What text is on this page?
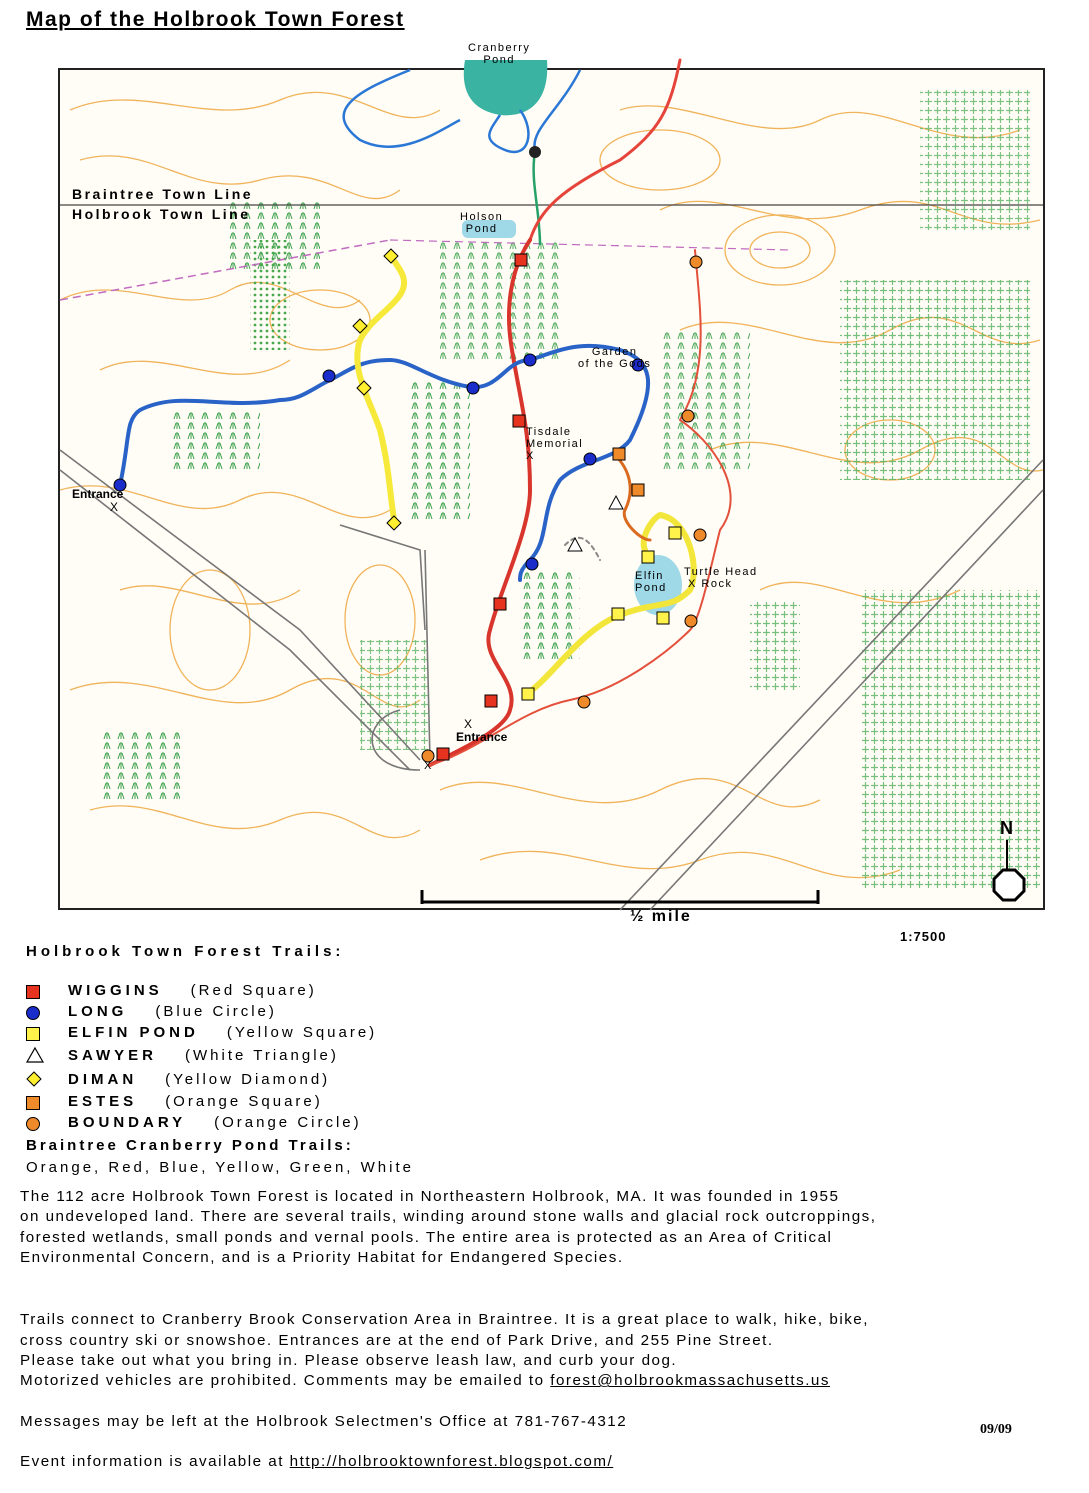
Map of the Holbrook Town Forest
Cranberry
Pond
Braintree Town Line
Holbrook Town Line	Holson
Pond
Garden
of the Gods
Tisdale
Memorial
X
Elfin
Pond
Turtle Head
X Rock
Entrance
X
X
Entrance
X
N
½ mile
1:7500
Holbrook Town Forest Trails:
WIGGINS (Red Square)
LONG (Blue Circle)
ELFIN POND (Yellow Square)
SAWYER (White Triangle)
DIMAN (Yellow Diamond)
ESTES (Orange Square)
BOUNDARY (Orange Circle)
Braintree Cranberry Pond Trails:
Orange, Red, Blue, Yellow, Green, White
The 112 acre Holbrook Town Forest is located in Northeastern Holbrook, MA. It was founded in 1955
on undeveloped land. There are several trails, winding around stone walls and glacial rock outcroppings,
forested wetlands, small ponds and vernal pools. The entire area is protected as an Area of Critical
Environmental Concern, and is a Priority Habitat for Endangered Species.

Trails connect to Cranberry Brook Conservation Area in Braintree. It is a great place to walk, hike, bike,
cross country ski or snowshoe. Entrances are at the end of Park Drive, and 255 Pine Street.
Please take out what you bring in. Please observe leash law, and curb your dog.

Motorized vehicles are prohibited. Comments may be emailed to forest@holbrookmassachusetts.us

Messages may be left at the Holbrook Selectmen's Office at 781-767-4312

Event information is available at http://holbrooktownforest.blogspot.com/

09/09
